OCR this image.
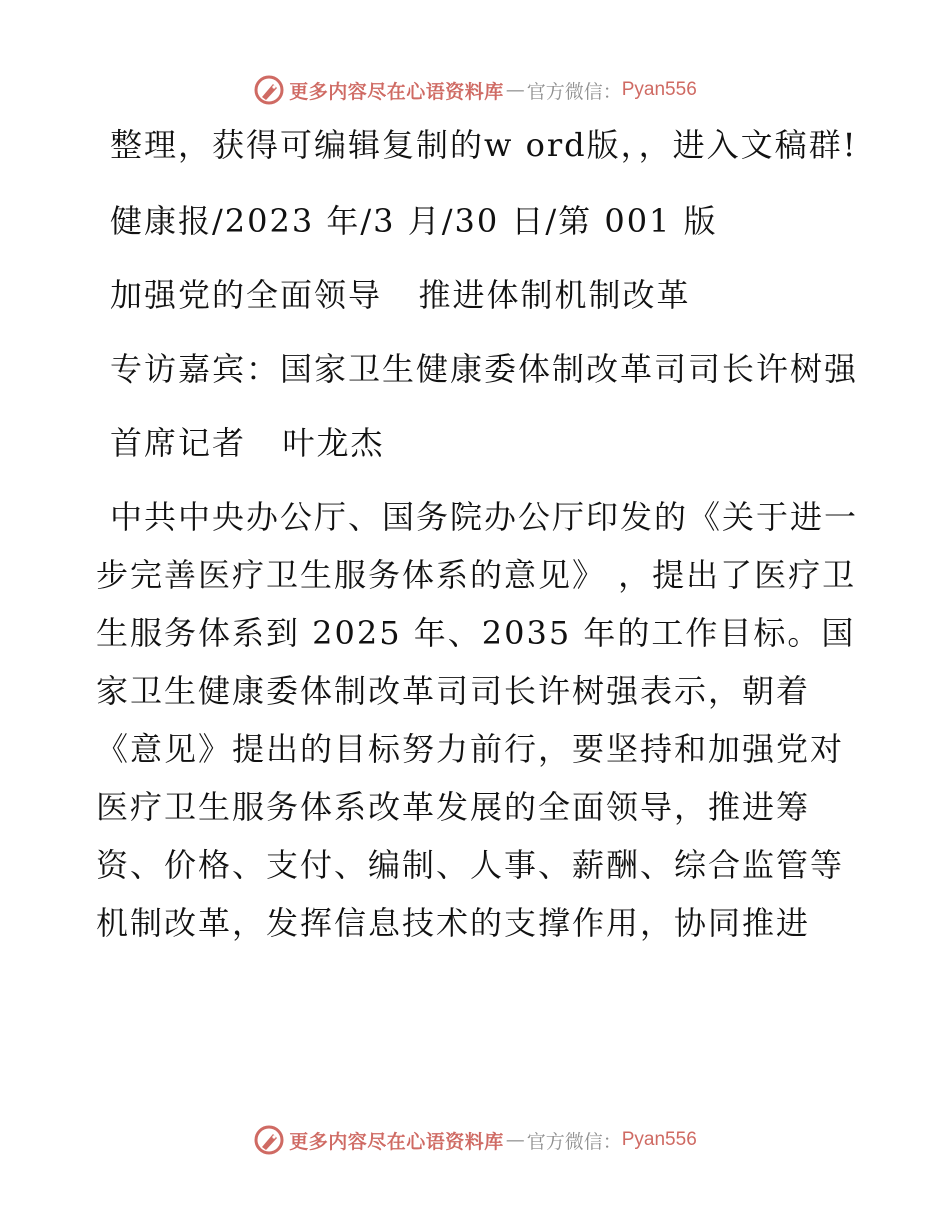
更多内容尽在心语资料库 — 官方微信： Pyan556

整理，获得可编辑复制的w ord版，，进入文稿群!

健康报/2023 年/3 月/30 日/第 001 版

加强党的全面领导   推进体制机制改革

专访嘉宾：国家卫生健康委体制改革司司长许树强

首席记者   叶龙杰

中共中央办公厅、国务院办公厅印发的《关于进一步完善医疗卫生服务体系的意见》 ，提出了医疗卫生服务体系到 2025 年、2035 年的工作目标。国家卫生健康委体制改革司司长许树强表示，朝着《意见》提出的目标努力前行，要坚持和加强党对医疗卫生服务体系改革发展的全面领导，推进筹资、价格、支付、编制、人事、薪酬、综合监管等机制改革，发挥信息技术的支撑作用，协同推进

更多内容尽在心语资料库 — 官方微信： Pyan556
